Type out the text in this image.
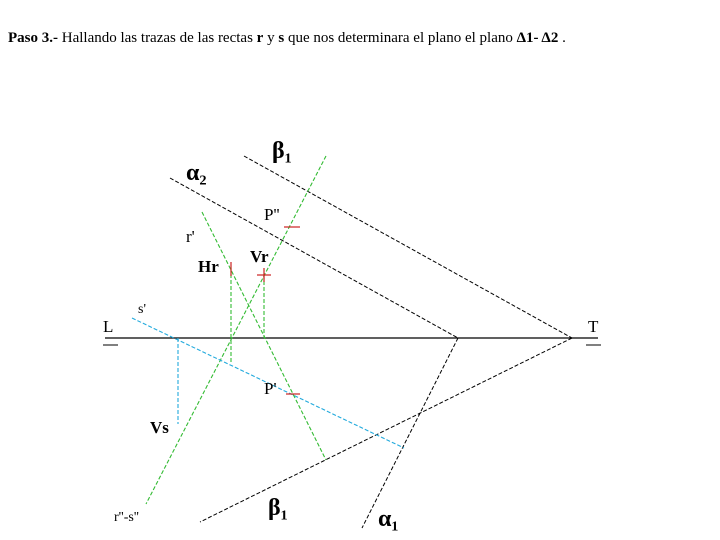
Paso 3.- Hallando las trazas de las rectas r y s que nos determinara el plano el plano Δ1- Δ2 .
β₁
α₂
P''
r'
Hr
Vr
s'
L	T
P'
Vs
β₁	α₁
r''-s''
